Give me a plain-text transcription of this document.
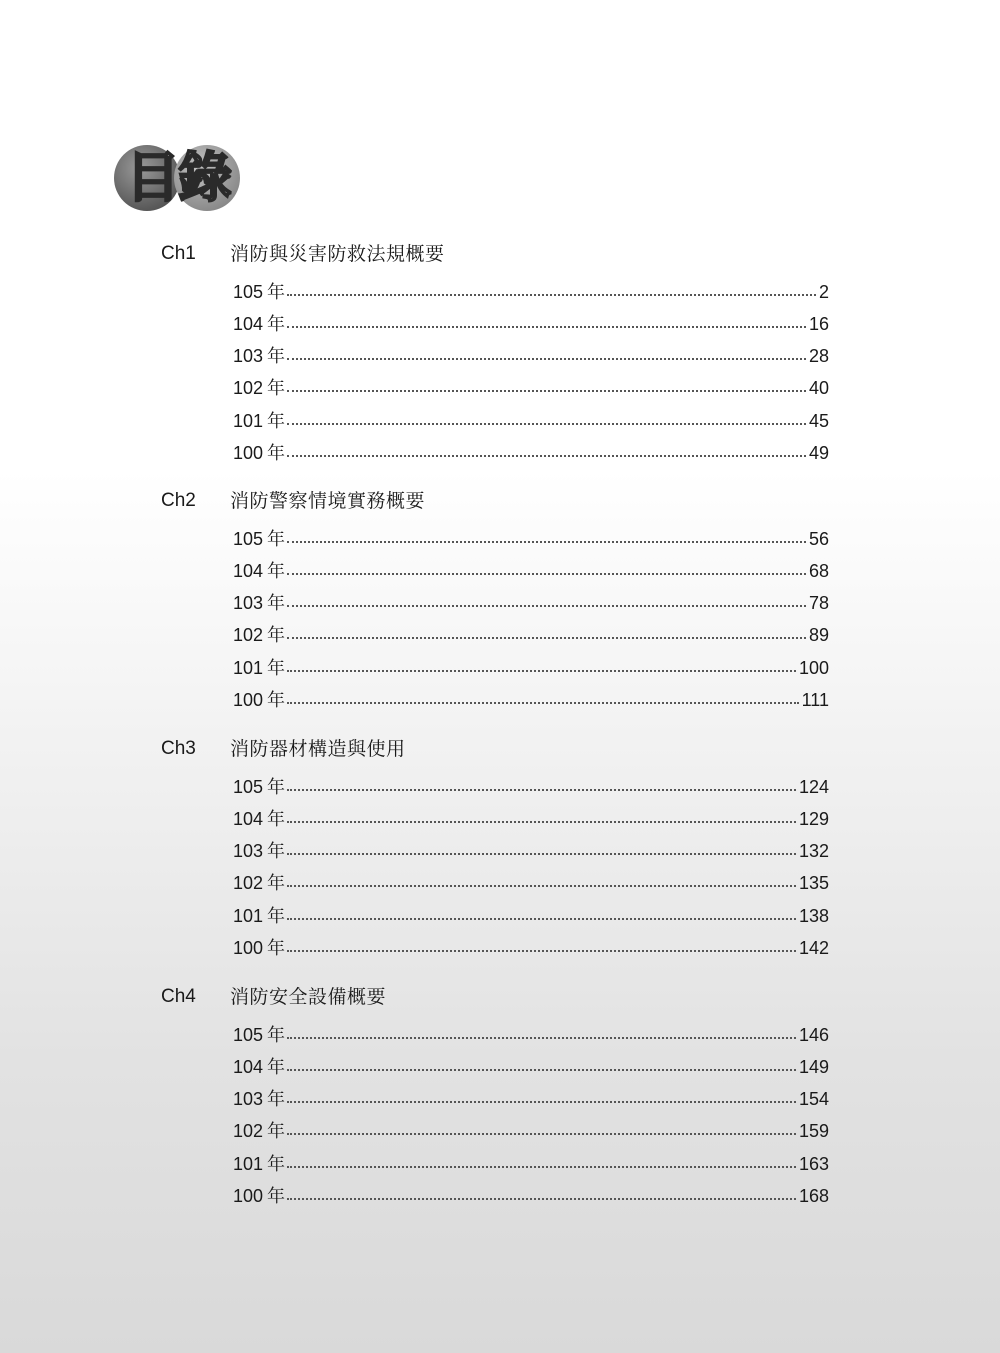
目
錄
Ch1 消防與災害防救法規概要
105 年	2
104 年	16
103 年	28
102 年	40
101 年	45
100 年	49
Ch2 消防警察情境實務概要
105 年	56
104 年	68
103 年	78
102 年	89
101 年	100
100 年	111
Ch3 消防器材構造與使用
105 年	124
104 年	129
103 年	132
102 年	135
101 年	138
100 年	142
Ch4 消防安全設備概要
105 年	146
104 年	149
103 年	154
102 年	159
101 年	163
100 年	168
